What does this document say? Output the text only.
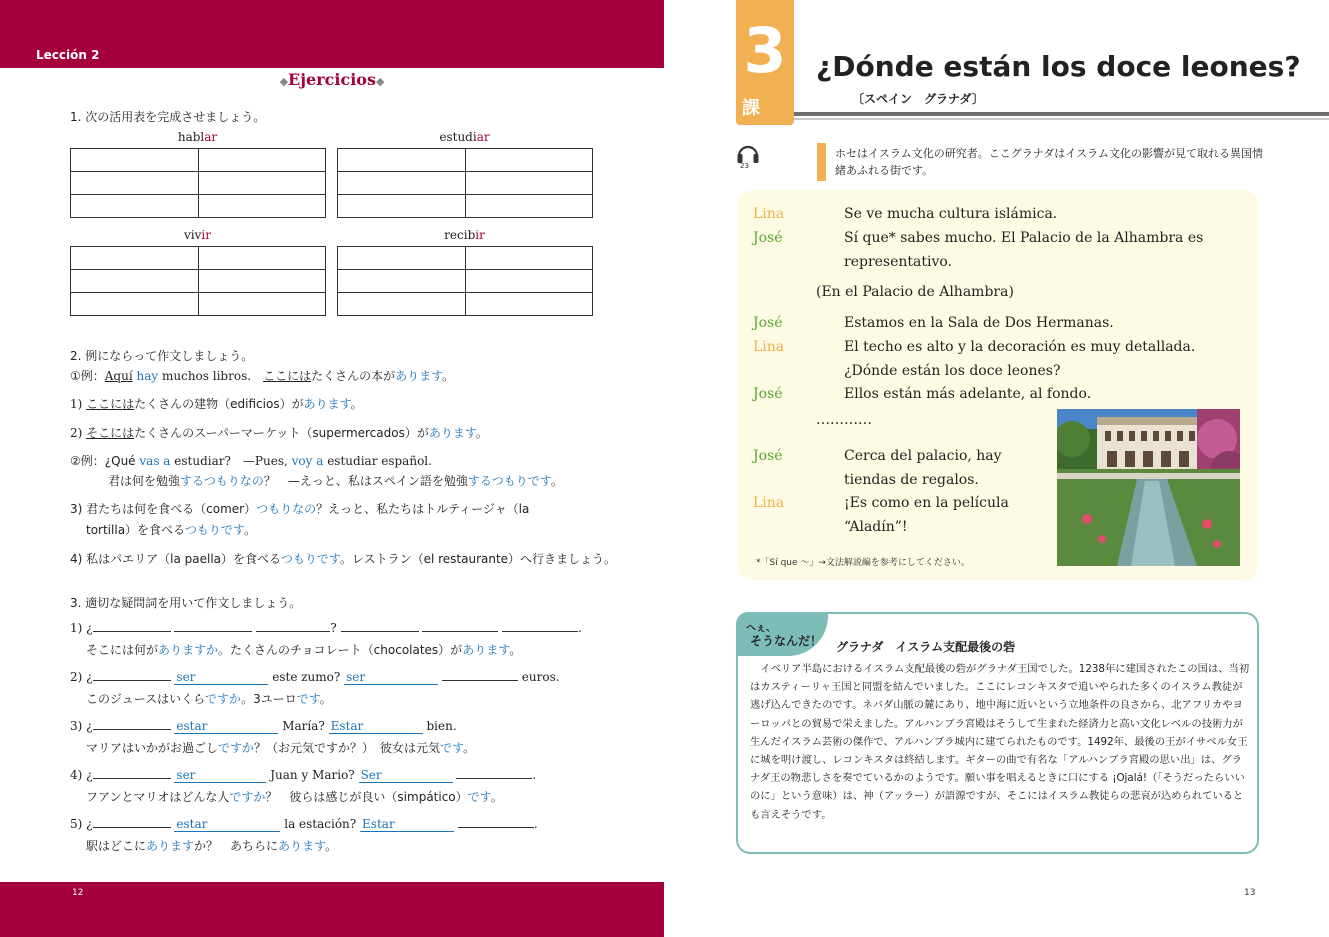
Lección 2
◆Ejercicios◆
1. 次の活用表を完成させましょう。
hablar	estudiar
vivir	recibir
2. 例にならって作文しましょう。
①例：Aquí hay muchos libros.　ここにはたくさんの本があります。
1) ここにはたくさんの建物（edificios）があります。
2) そこにはたくさんのスーパーマーケット（supermercados）があります。
②例：¿Qué vas a estudiar?　—Pues, voy a estudiar español.
君は何を勉強するつもりなの？　—えっと、私はスペイン語を勉強するつもりです。
3) 君たちは何を食べる（comer）つもりなの？えっと、私たちはトルティージャ（la
tortilla）を食べるつもりです。
4) 私はパエリア（la paella）を食べるつもりです。レストラン（el restaurante）へ行きましょう。
3. 適切な疑問詞を用いて作文しましょう。
1) ¿	?	.
そこには何がありますか。たくさんのチョコレート（chocolates）があります。
2) ¿	ser	este zumo? ser	euros.
このジュースはいくらですか。3ユーロです。
3) ¿	estar	María? Estar	bien.
マリアはいかがお過ごしですか？（お元気ですか？）　彼女は元気です。
4) ¿	ser	Juan y Mario? Ser	.
フアンとマリオはどんな人ですか？　彼らは感じが良い（simpático）です。
5) ¿	estar	la estación? Estar	.
駅はどこにありますか？　あちらにあります。
12
3
課
¿Dónde están los doce leones?
〔スペイン　グラナダ〕
23
ホセはイスラム文化の研究者。ここグラナダはイスラム文化の影響が見て取れる異国情緒あふれる街です。
Lina	Se ve mucha cultura islámica.
José	Sí que* sabes mucho. El Palacio de la Alhambra es
representativo.
(En el Palacio de Alhambra)
José	Estamos en la Sala de Dos Hermanas.
Lina	El techo es alto y la decoración es muy detallada.
¿Dónde están los doce leones?
José	Ellos están más adelante, al fondo.
…………
José	Cerca del palacio, hay
tiendas de regalos.
Lina	¡Es como en la película
“Aladín”!
*「Sí que ～」→文法解説編を参考にしてください。
へぇ、
そうなんだ！ グラナダ　イスラム支配最後の砦
イベリア半島におけるイスラム支配最後の砦がグラナダ王国でした。1238年に建国されたこの国は、当初はカスティーリャ王国と同盟を結んでいました。ここにレコンキスタで追いやられた多くのイスラム教徒が逃げ込んできたのです。ネバダ山脈の麓にあり、地中海に近いという立地条件の良さから、北アフリカやヨーロッパとの貿易で栄えました。アルハンブラ宮殿はそうして生まれた経済力と高い文化レベルの技術力が生んだイスラム芸術の傑作で、アルハンブラ城内に建てられたものです。1492年、最後の王がイサベル女王に城を明け渡し、レコンキスタは終結します。ギターの曲で有名な「アルハンブラ宮殿の思い出」は、グラナダ王の物悲しさを奏でているかのようです。願い事を唱えるときに口にする ¡Ojalá!（「そうだったらいいのに」という意味）は、神（アッラー）が語源ですが、そこにはイスラム教徒らの悲哀が込められているとも言えそうです。
13
